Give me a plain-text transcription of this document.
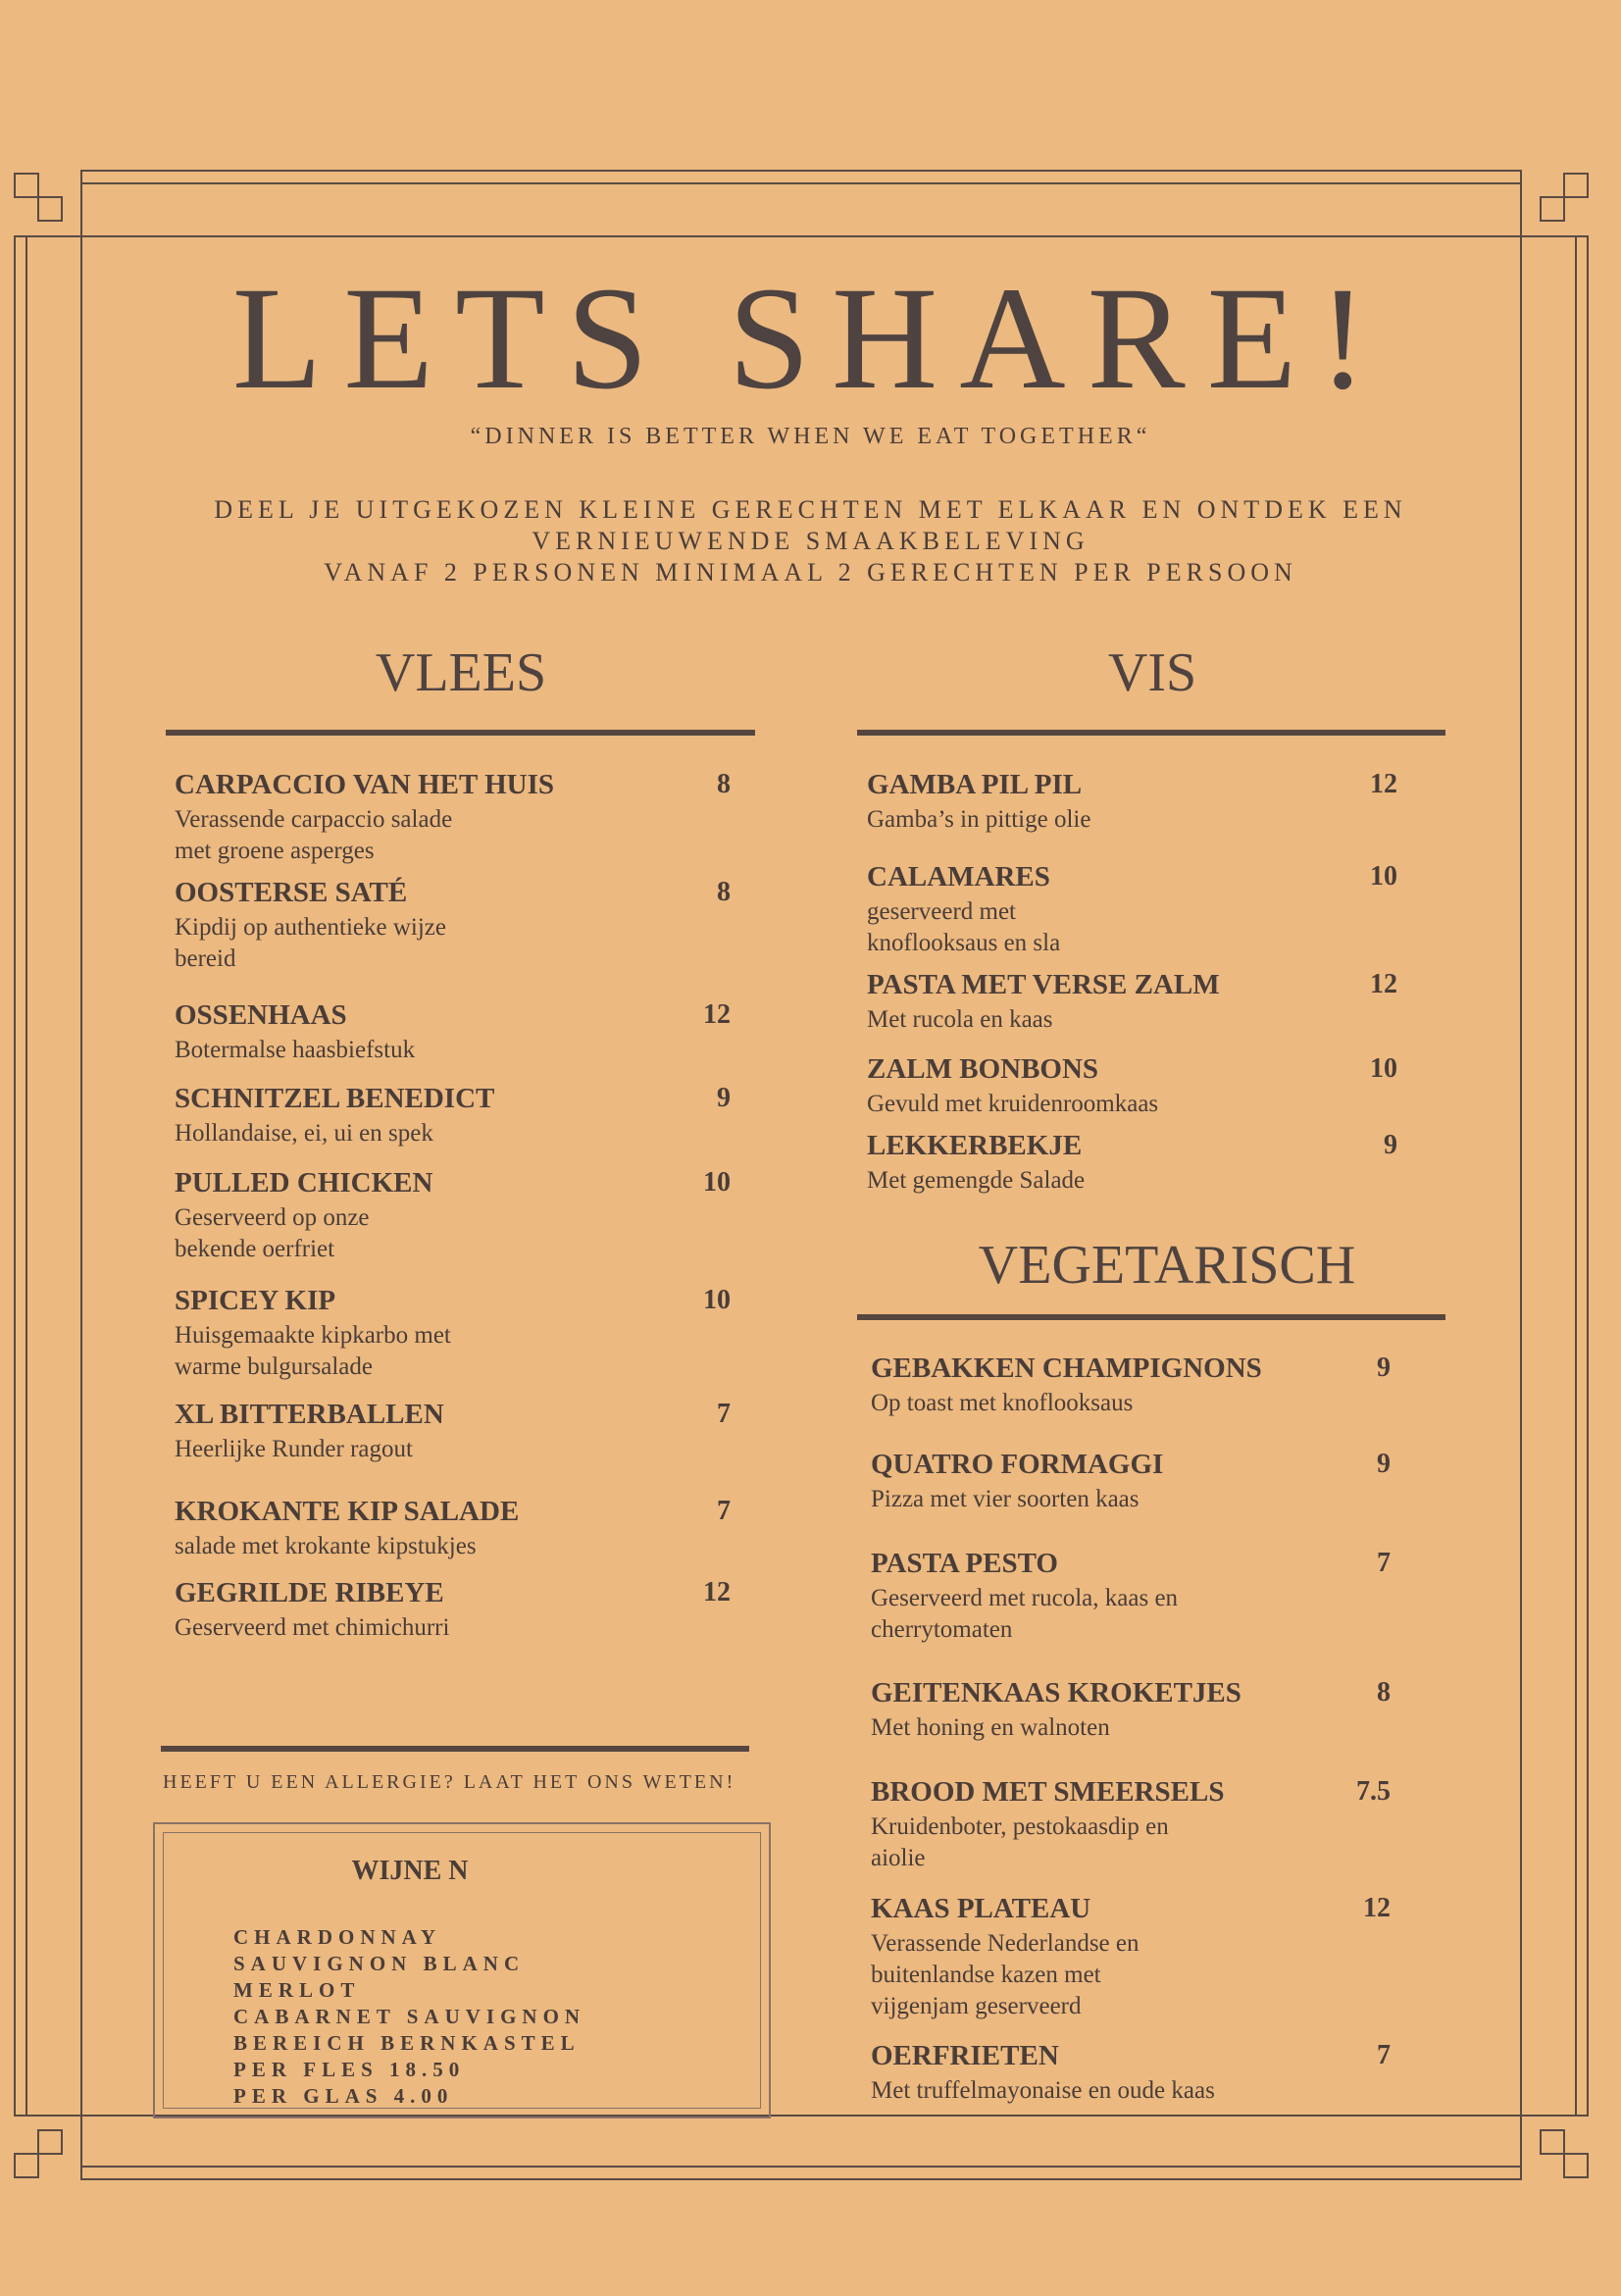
LETS SHARE!
“DINNER IS BETTER WHEN WE EAT TOGETHER“
DEEL JE UITGEKOZEN KLEINE GERECHTEN MET ELKAAR EN ONTDEK EEN
VERNIEUWENDE SMAAKBELEVING
VANAF 2 PERSONEN MINIMAAL 2 GERECHTEN PER PERSOON
VLEES
CARPACCIO VAN HET HUIS	8
Verassende carpaccio salade
met groene asperges
OOSTERSE SATÉ	8
Kipdij op authentieke wijze
bereid
OSSENHAAS	12
Botermalse haasbiefstuk
SCHNITZEL BENEDICT	9
Hollandaise, ei, ui en spek
PULLED CHICKEN	10
Geserveerd op onze
bekende oerfriet
SPICEY KIP	10
Huisgemaakte kipkarbo met
warme bulgursalade
XL BITTERBALLEN	7
Heerlijke Runder ragout
KROKANTE KIP SALADE	7
salade met krokante kipstukjes
GEGRILDE RIBEYE	12
Geserveerd met chimichurri
VIS
GAMBA PIL PIL	12
Gamba’s in pittige olie
CALAMARES	10
geserveerd met
knoflooksaus en sla
PASTA MET VERSE ZALM	12
Met rucola en kaas
ZALM BONBONS	10
Gevuld met kruidenroomkaas
LEKKERBEKJE	9
Met gemengde Salade
VEGETARISCH
GEBAKKEN CHAMPIGNONS	9
Op toast met knoflooksaus
QUATRO FORMAGGI	9
Pizza met vier soorten kaas
PASTA PESTO	7
Geserveerd met rucola, kaas en
cherrytomaten
GEITENKAAS KROKETJES	8
Met honing en walnoten
BROOD MET SMEERSELS	7.5
Kruidenboter, pestokaasdip en
aiolie
KAAS PLATEAU	12
Verassende Nederlandse en
buitenlandse kazen met
vijgenjam geserveerd
OERFRIETEN	7
Met truffelmayonaise en oude kaas
HEEFT U EEN ALLERGIE? LAAT HET ONS WETEN!
WIJNE N
CHARDONNAY
SAUVIGNON BLANC
MERLOT
CABARNET SAUVIGNON
BEREICH BERNKASTEL
PER FLES 18.50
PER GLAS 4.00
